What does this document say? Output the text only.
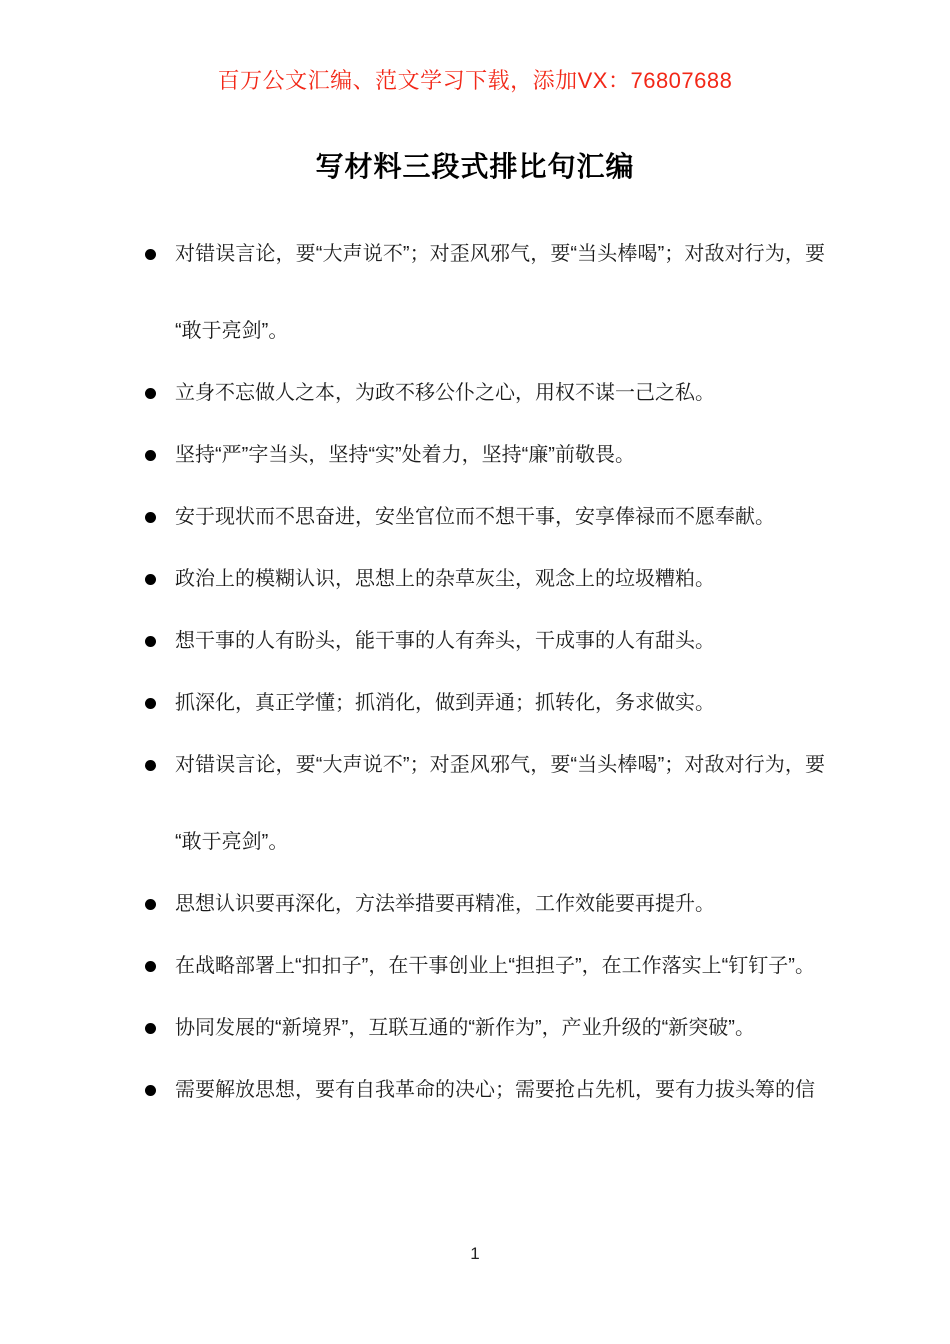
百万公文汇编、范文学习下载，添加VX：76807688
写材料三段式排比句汇编
对错误言论，要“大声说不”；对歪风邪气，要“当头棒喝”；对敌对行为，要“敢于亮剑”。
立身不忘做人之本，为政不移公仆之心，用权不谋一己之私。
坚持“严”字当头，坚持“实”处着力，坚持“廉”前敬畏。
安于现状而不思奋进，安坐官位而不想干事，安享俸禄而不愿奉献。
政治上的模糊认识，思想上的杂草灰尘，观念上的垃圾糟粕。
想干事的人有盼头，能干事的人有奔头，干成事的人有甜头。
抓深化，真正学懂；抓消化，做到弄通；抓转化，务求做实。
对错误言论，要“大声说不”；对歪风邪气，要“当头棒喝”；对敌对行为，要“敢于亮剑”。
思想认识要再深化，方法举措要再精准，工作效能要再提升。
在战略部署上“扣扣子”，在干事创业上“担担子”，在工作落实上“钉钉子”。
协同发展的“新境界”，互联互通的“新作为”，产业升级的“新突破”。
需要解放思想，要有自我革命的决心；需要抢占先机，要有力拔头筹的信
1
